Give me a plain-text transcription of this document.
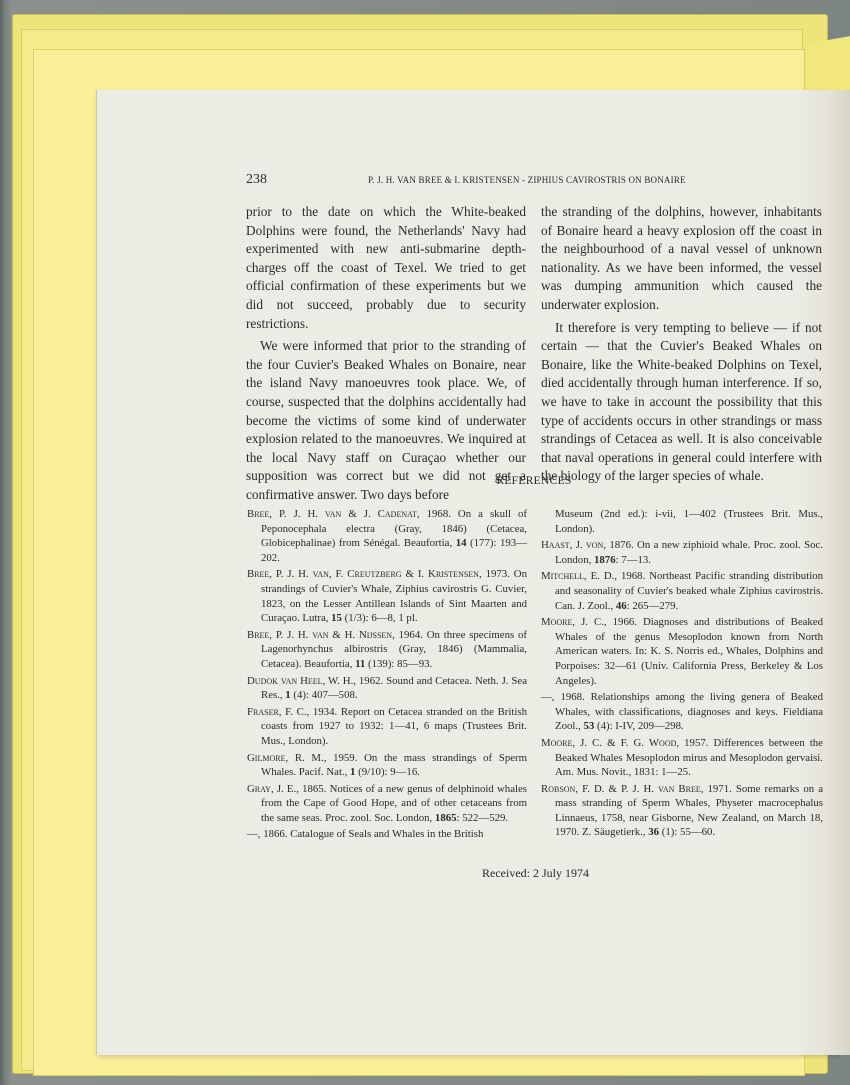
238	P. J. H. VAN BREE & I. KRISTENSEN - ZIPHIUS CAVIROSTRIS ON BONAIRE

prior to the date on which the White-beaked Dolphins were found, the Netherlands' Navy had experimented with new anti-submarine depth-charges off the coast of Texel. We tried to get official confirmation of these experiments but we did not succeed, probably due to security restrictions.

We were informed that prior to the stranding of the four Cuvier's Beaked Whales on Bonaire, near the island Navy manoeuvres took place. We, of course, suspected that the dolphins accidentally had become the victims of some kind of underwater explosion related to the manoeuvres. We inquired at the local Navy staff on Curaçao whether our supposition was correct but we did not get a confirmative answer. Two days before

the stranding of the dolphins, however, inhabitants of Bonaire heard a heavy explosion off the coast in the neighbourhood of a naval vessel of unknown nationality. As we have been informed, the vessel was dumping ammunition which caused the underwater explosion.

It therefore is very tempting to believe — if not certain — that the Cuvier's Beaked Whales on Bonaire, like the White-beaked Dolphins on Texel, died accidentally through human interference. If so, we have to take in account the possibility that this type of accidents occurs in other strandings or mass strandings of Cetacea as well. It is also conceivable that naval operations in general could interfere with the biology of the larger species of whale.

REFERENCES

Bree, P. J. H. van & J. Cadenat, 1968. On a skull of Peponocephala electra (Gray, 1846) (Cetacea, Globicephalinae) from Sénégal. Beaufortia, 14 (177): 193—202.

Bree, P. J. H. van, F. Creutzberg & I. Kristensen, 1973. On strandings of Cuvier's Whale, Ziphius cavirostris G. Cuvier, 1823, on the Lesser Antillean Islands of Sint Maarten and Curaçao. Lutra, 15 (1/3): 6—8, 1 pl.

Bree, P. J. H. van & H. Nijssen, 1964. On three specimens of Lagenorhynchus albirostris (Gray, 1846) (Mammalia, Cetacea). Beaufortia, 11 (139): 85—93.

Dudok van Heel, W. H., 1962. Sound and Cetacea. Neth. J. Sea Res., 1 (4): 407—508.

Fraser, F. C., 1934. Report on Cetacea stranded on the British coasts from 1927 to 1932: 1—41, 6 maps (Trustees Brit. Mus., London).

Gilmore, R. M., 1959. On the mass strandings of Sperm Whales. Pacif. Nat., 1 (9/10): 9—16.

Gray, J. E., 1865. Notices of a new genus of delphinoid whales from the Cape of Good Hope, and of other cetaceans from the same seas. Proc. zool. Soc. London, 1865: 522—529.

—, 1866. Catalogue of Seals and Whales in the British

Museum (2nd ed.): i-vii, 1—402 (Trustees Brit. Mus., London).

Haast, J. von, 1876. On a new ziphioid whale. Proc. zool. Soc. London, 1876: 7—13.

Mitchell, E. D., 1968. Northeast Pacific stranding distribution and seasonality of Cuvier's beaked whale Ziphius cavirostris. Can. J. Zool., 46: 265—279.

Moore, J. C., 1966. Diagnoses and distributions of Beaked Whales of the genus Mesoplodon known from North American waters. In: K. S. Norris ed., Whales, Dolphins and Porpoises: 32—61 (Univ. California Press, Berkeley & Los Angeles).

—, 1968. Relationships among the living genera of Beaked Whales, with classifications, diagnoses and keys. Fieldiana Zool., 53 (4): I-IV, 209—298.

Moore, J. C. & F. G. Wood, 1957. Differences between the Beaked Whales Mesoplodon mirus and Mesoplodon gervaisi. Am. Mus. Novit., 1831: 1—25.

Robson, F. D. & P. J. H. van Bree, 1971. Some remarks on a mass stranding of Sperm Whales, Physeter macrocephalus Linnaeus, 1758, near Gisborne, New Zealand, on March 18, 1970. Z. Säugetierk., 36 (1): 55—60.

Received: 2 July 1974
